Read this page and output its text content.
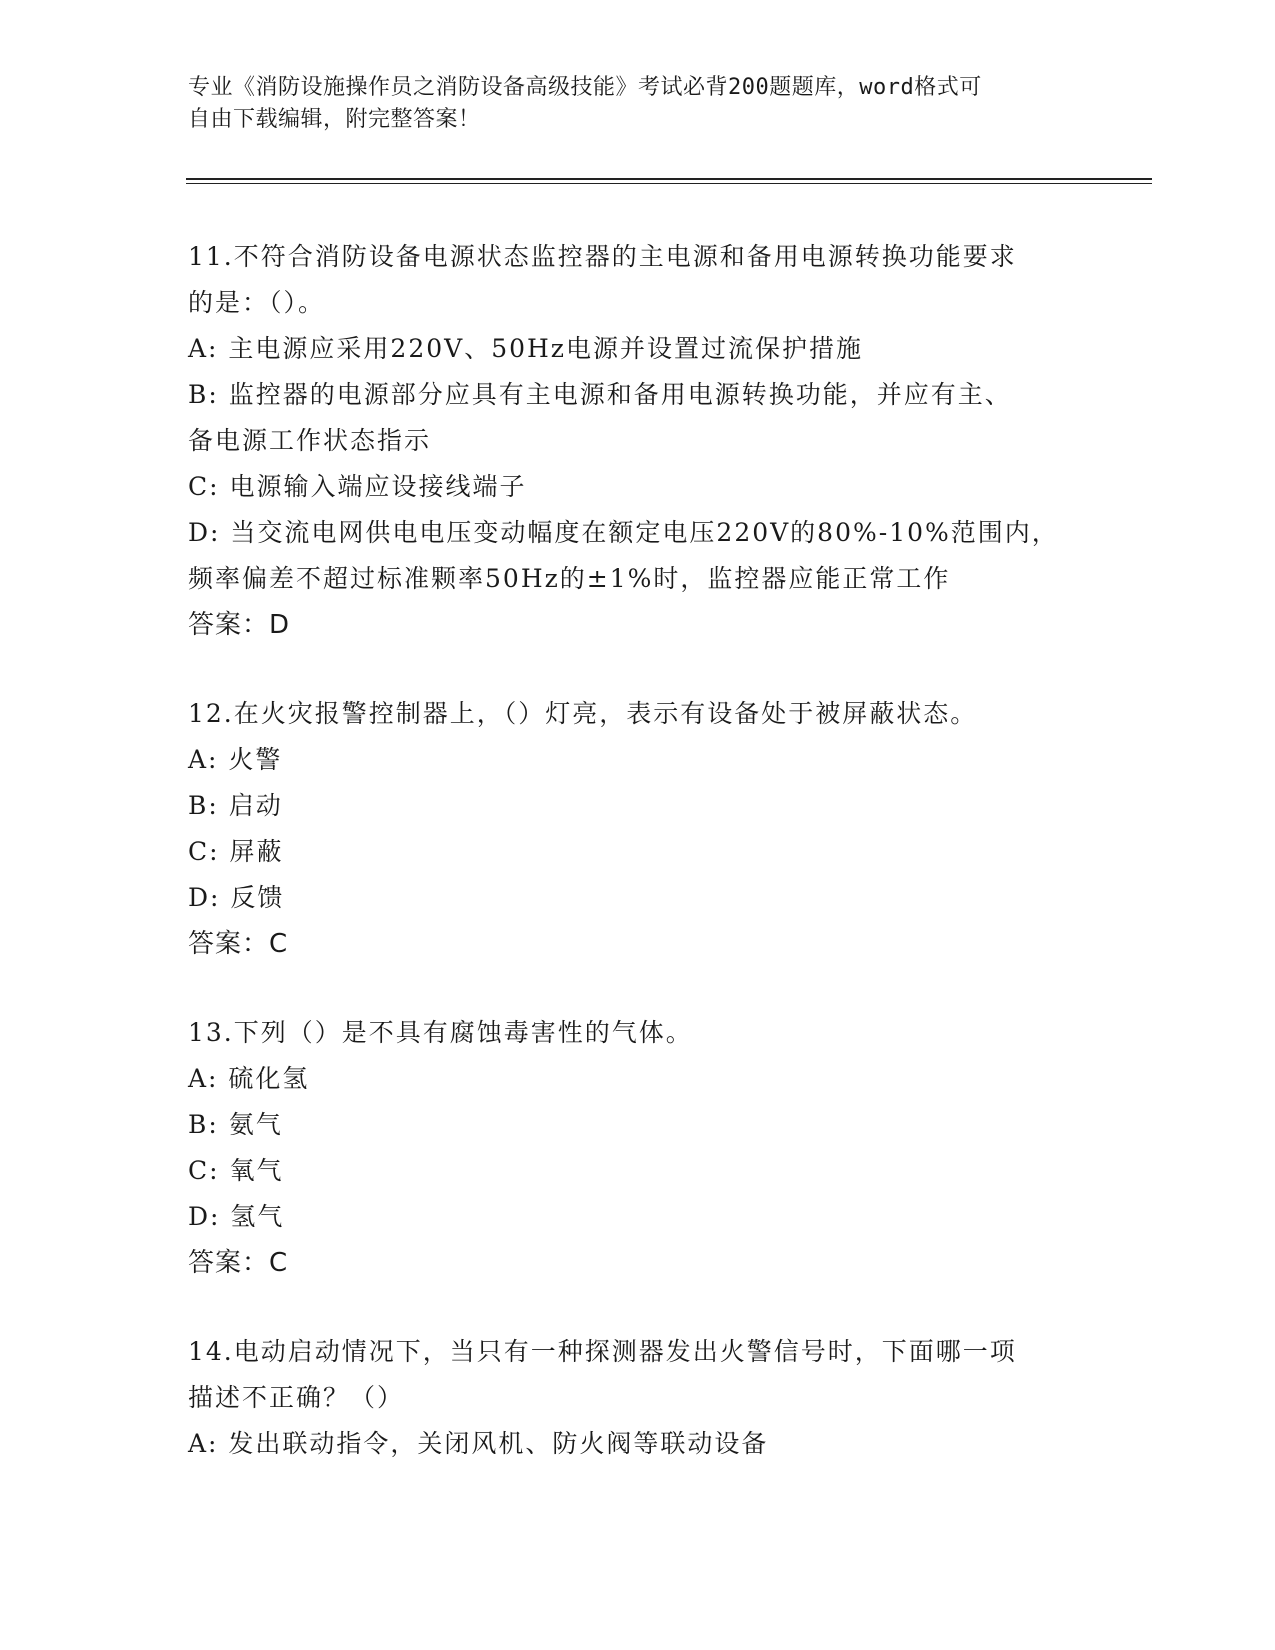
专业《消防设施操作员之消防设备高级技能》考试必背200题题库，word格式可
自由下载编辑，附完整答案！
11.不符合消防设备电源状态监控器的主电源和备用电源转换功能要求
的是：（）。
A: 主电源应采用220V、50Hz电源并设置过流保护措施
B: 监控器的电源部分应具有主电源和备用电源转换功能，并应有主、
备电源工作状态指示
C: 电源输入端应设接线端子
D: 当交流电网供电电压变动幅度在额定电压220V的80%-10%范围内，
频率偏差不超过标准颗率50Hz的±1%时，监控器应能正常工作
答案：D
12.在火灾报警控制器上，（）灯亮，表示有设备处于被屏蔽状态。
A: 火警
B: 启动
C: 屏蔽
D: 反馈
答案：C
13.下列（）是不具有腐蚀毒害性的气体。
A: 硫化氢
B: 氨气
C: 氧气
D: 氢气
答案：C
14.电动启动情况下，当只有一种探测器发出火警信号时，下面哪一项
描述不正确？（）
A: 发出联动指令，关闭风机、防火阀等联动设备
